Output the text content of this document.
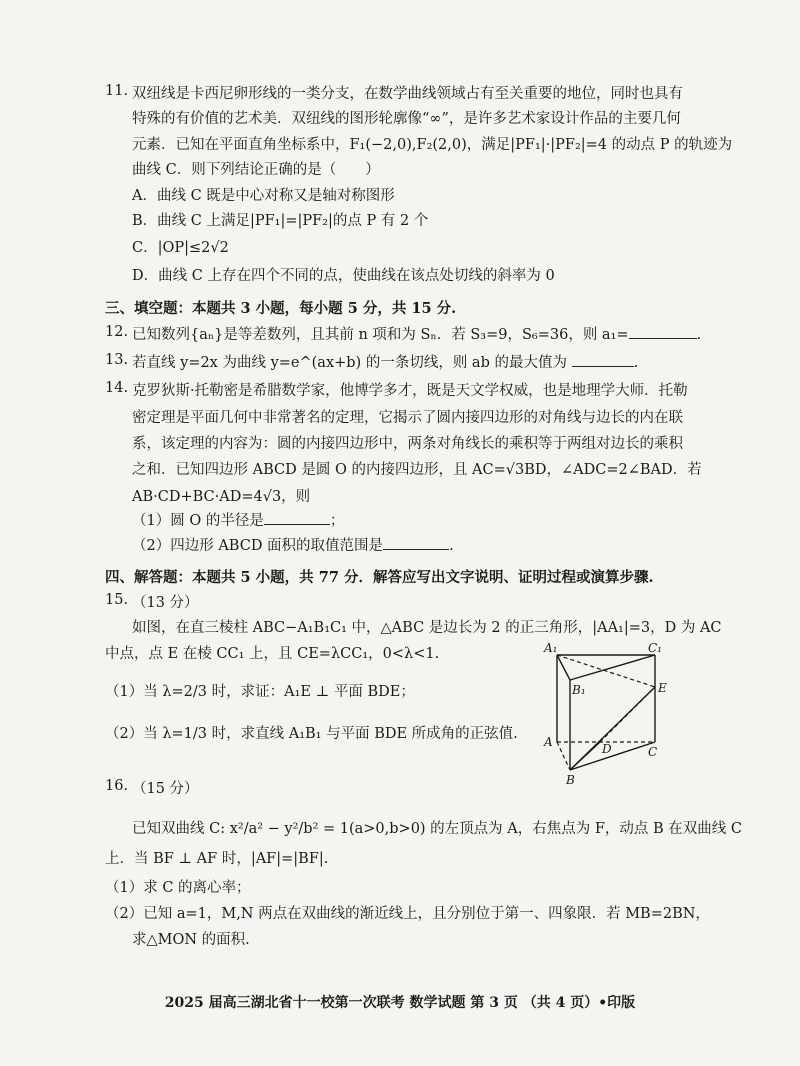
11. 双纽线是卡西尼卵形线的一类分支，在数学曲线领域占有至关重要的地位，同时也具有
特殊的有价值的艺术美．双纽线的图形轮廓像“∞”，是许多艺术家设计作品的主要几何
元素．已知在平面直角坐标系中，F₁(−2,0),F₂(2,0)，满足|PF₁|·|PF₂|=4 的动点 P 的轨迹为
曲线 C．则下列结论正确的是（　　）
A．曲线 C 既是中心对称又是轴对称图形
B．曲线 C 上满足|PF₁|=|PF₂|的点 P 有 2 个
C．|OP|≤2√2
D．曲线 C 上存在四个不同的点，使曲线在该点处切线的斜率为 0
三、填空题：本题共 3 小题，每小题 5 分，共 15 分.
12. 已知数列{aₙ}是等差数列，且其前 n 项和为 Sₙ．若 S₃=9，S₆=36，则 a₁=	.
13. 若直线 y=2x 为曲线 y=e^(ax+b) 的一条切线，则 ab 的最大值为	.
14. 克罗狄斯·托勒密是希腊数学家，他博学多才，既是天文学权威，也是地理学大师．托勒
密定理是平面几何中非常著名的定理，它揭示了圆内接四边形的对角线与边长的内在联
系，该定理的内容为：圆的内接四边形中，两条对角线长的乘积等于两组对边长的乘积
之和．已知四边形 ABCD 是圆 O 的内接四边形，且 AC=√3BD，∠ADC=2∠BAD．若
AB·CD+BC·AD=4√3，则
（1）圆 O 的半径是	；
（2）四边形 ABCD 面积的取值范围是	.
四、解答题：本题共 5 小题，共 77 分．解答应写出文字说明、证明过程或演算步骤.
15. （13 分）
如图，在直三棱柱 ABC−A₁B₁C₁ 中，△ABC 是边长为 2 的正三角形，|AA₁|=3，D 为 AC
中点，点 E 在棱 CC₁ 上，且 CE=λCC₁，0<λ<1.
（1）当 λ=2/3 时，求证：A₁E ⊥ 平面 BDE；
（2）当 λ=1/3 时，求直线 A₁B₁ 与平面 BDE 所成角的正弦值.
A₁	C₁
B₁	E
A	D	C
B
16. （15 分）
已知双曲线 C: x²/a² − y²/b² = 1(a>0,b>0) 的左顶点为 A，右焦点为 F，动点 B 在双曲线 C
上．当 BF ⊥ AF 时，|AF|=|BF|.
（1）求 C 的离心率；
（2）已知 a=1，M,N 两点在双曲线的渐近线上，且分别位于第一、四象限．若 MB=2BN，
求△MON 的面积.
2025 届高三湖北省十一校第一次联考 数学试题 第 3 页 （共 4 页）•印版
